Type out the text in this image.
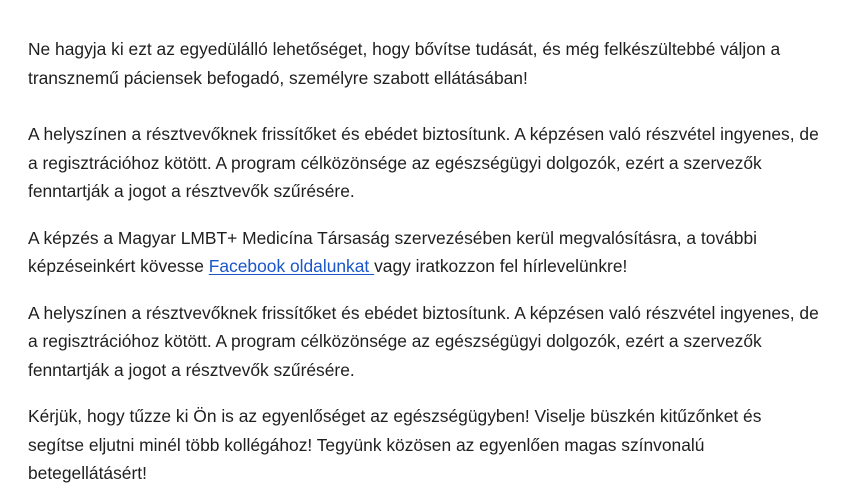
Ne hagyja ki ezt az egyedülálló lehetőséget, hogy bővítse tudását, és még felkészültebbé váljon a transznemű páciensek befogadó, személyre szabott ellátásában!

A helyszínen a résztvevőknek frissítőket és ebédet biztosítunk. A képzésen való részvétel ingyenes, de a regisztrációhoz kötött. A program célközönsége az egészségügyi dolgozók, ezért a szervezők fenntartják a jogot a résztvevők szűrésére.

A képzés a Magyar LMBT+ Medicína Társaság szervezésében kerül megvalósításra, a további képzéseinkért kövesse Facebook oldalunkat vagy iratkozzon fel hírlevelünkre!

A helyszínen a résztvevőknek frissítőket és ebédet biztosítunk. A képzésen való részvétel ingyenes, de a regisztrációhoz kötött. A program célközönsége az egészségügyi dolgozók, ezért a szervezők fenntartják a jogot a résztvevők szűrésére.

Kérjük, hogy tűzze ki Ön is az egyenlőséget az egészségügyben! Viselje büszkén kitűzőnket és segítse eljutni minél több kollégához! Tegyünk közösen az egyenlően magas színvonalú betegellátásért!
